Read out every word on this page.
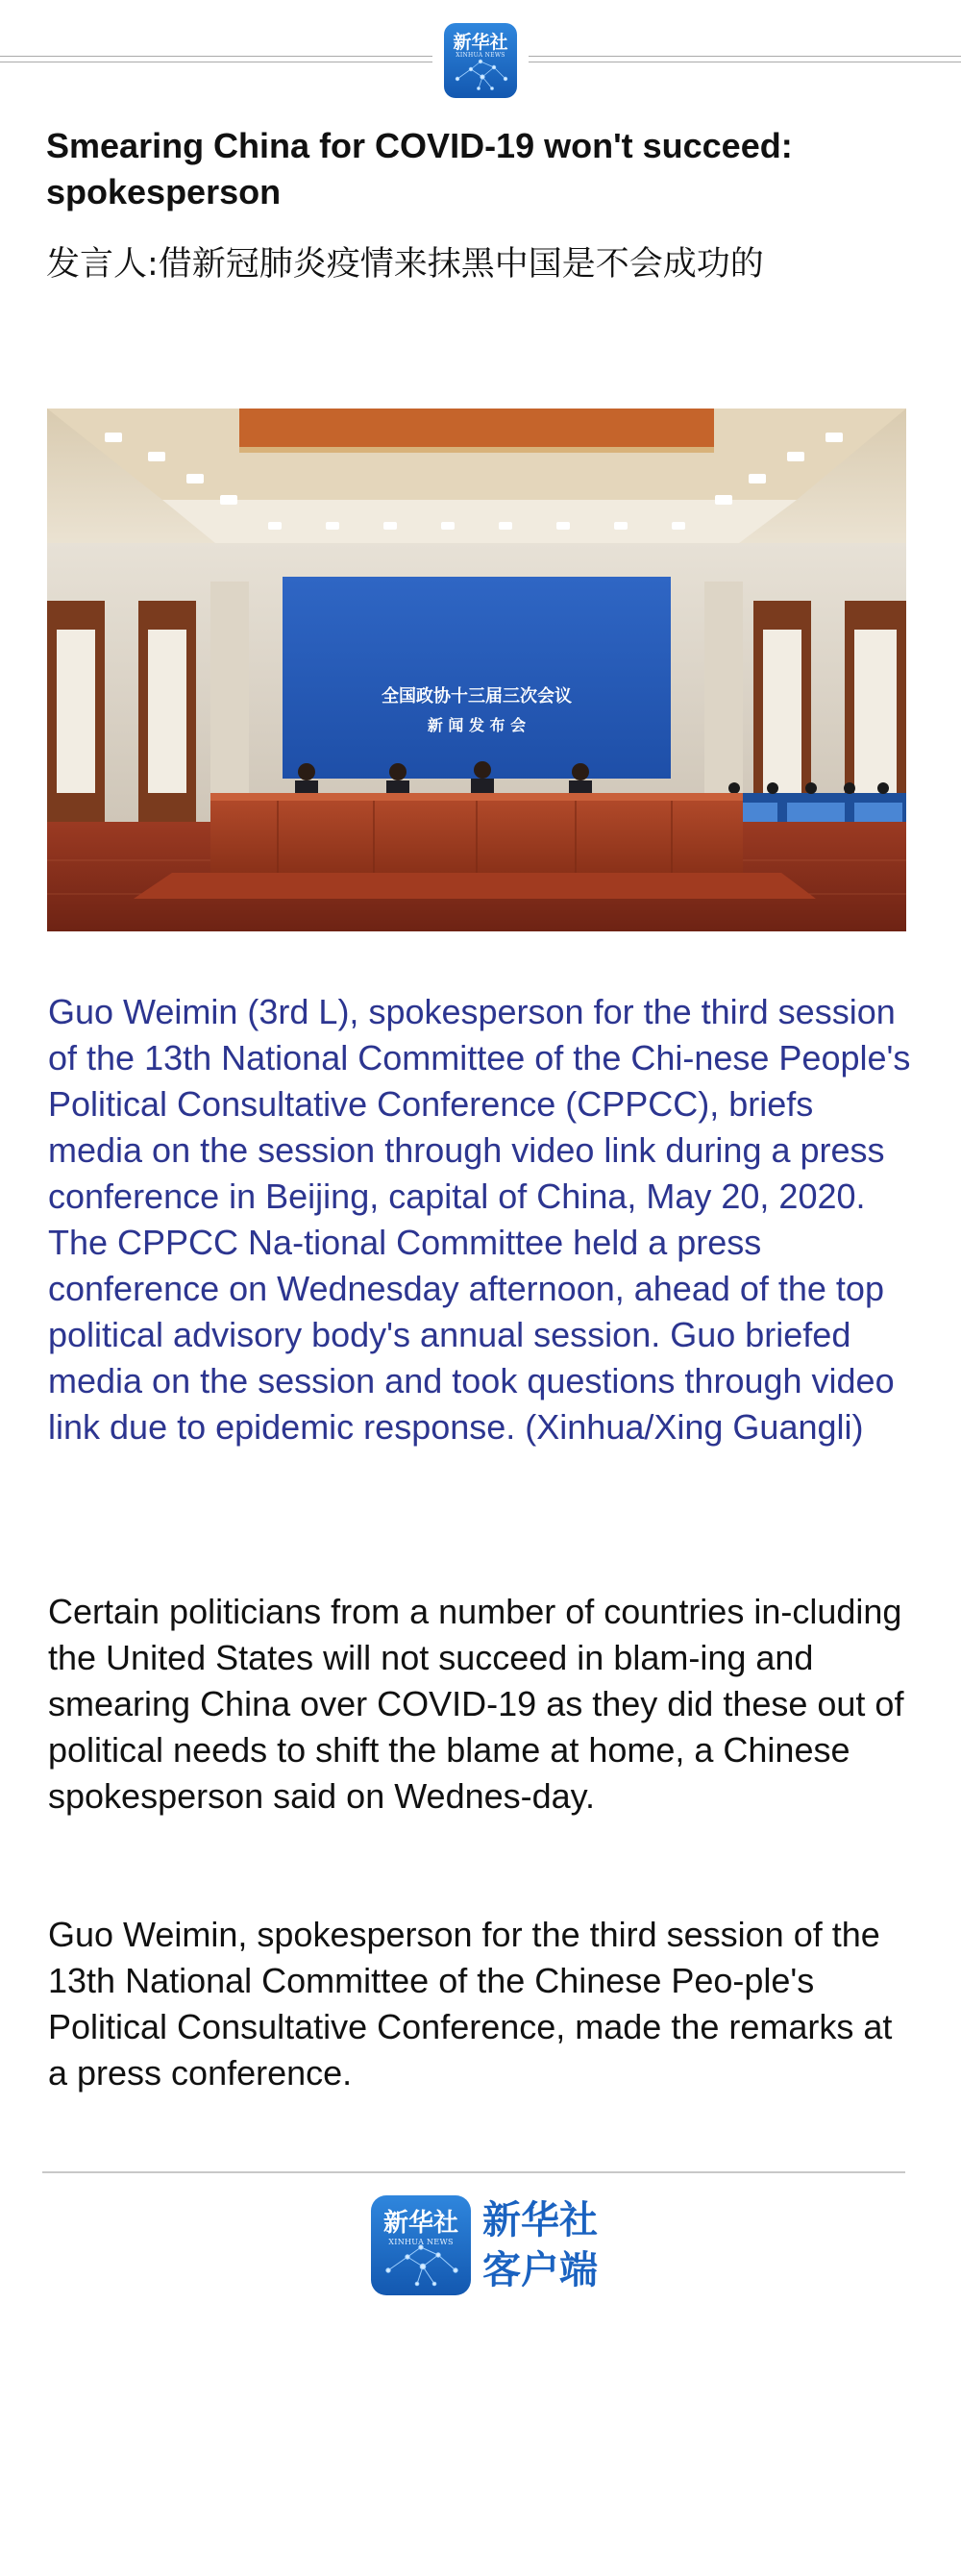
新华社
XINHUA NEWS
Smearing China for COVID-19 won't succeed: spokesperson
发言人:借新冠肺炎疫情来抹黑中国是不会成功的
全国政协十三届三次会议
新 闻 发 布 会
Guo Weimin (3rd L), spokesperson for the third session of the 13th National Committee of the Chi-nese People's Political Consultative Conference (CPPCC), briefs media on the session through video link during a press conference in Beijing, capital of China, May 20, 2020. The CPPCC Na-tional Committee held a press conference on Wednesday afternoon, ahead of the top political advisory body's annual session. Guo briefed media on the session and took questions through video link due to epidemic response. (Xinhua/Xing Guangli)
Certain politicians from a number of countries in-cluding the United States will not succeed in blam-ing and smearing China over COVID-19 as they did these out of political needs to shift the blame at home, a Chinese spokesperson said on Wednes-day.
Guo Weimin, spokesperson for the third session of the 13th National Committee of the Chinese Peo-ple's Political Consultative Conference, made the remarks at a press conference.
新华社
XINHUA NEWS 新华社
客户端
